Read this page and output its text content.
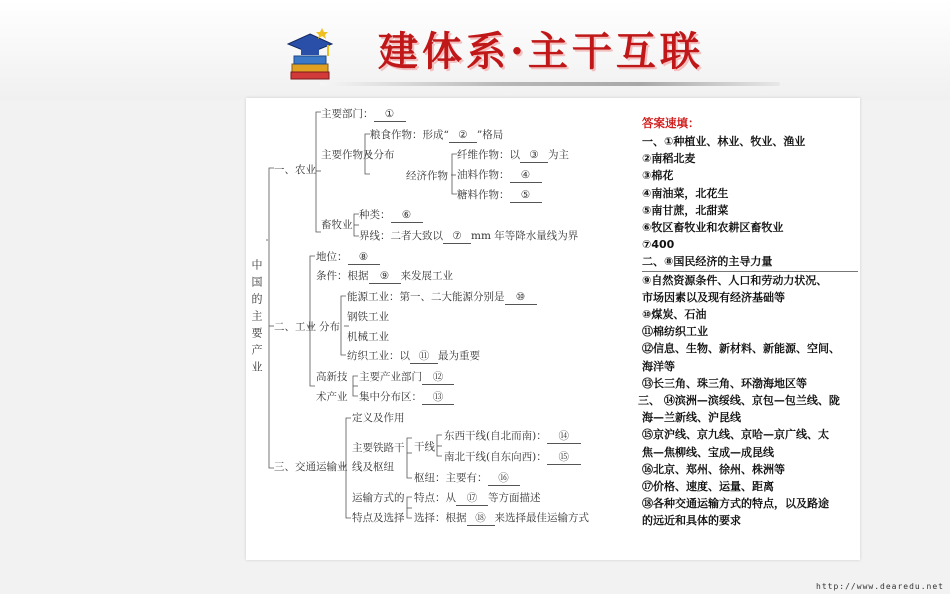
建体系·主干互联
中国的主要产业
一、农业
主要部门： ①
主要作物及分布
粮食作物：形成“ ② ”格局
经济作物
纤维作物：以 ③ 为主
油料作物： ④
糖料作物： ⑤
畜牧业
种类： ⑥
界线：二者大致以 ⑦ mm 年等降水量线为界
二、工业
地位： ⑧
条件：根据 ⑨ 来发展工业
分布
能源工业：第一、二大能源分别是 ⑩
钢铁工业
机械工业
纺织工业：以 ⑪ 最为重要
高新技
术产业
主要产业部门 ⑫
集中分布区： ⑬
三、交通运输业
定义及作用
主要铁路干
线及枢纽
干线
东西干线(自北而南)： ⑭
南北干线(自东向西)： ⑮
枢纽：主要有： ⑯
运输方式的
特点及选择
特点：从 ⑰ 等方面描述
选择：根据 ⑱ 来选择最佳运输方式
答案速填：
一、①种植业、林业、牧业、渔业
②南稻北麦
③棉花
④南油菜，北花生
⑤南甘蔗，北甜菜
⑥牧区畜牧业和农耕区畜牧业
⑦400
二、⑧国民经济的主导力量
⑨自然资源条件、人口和劳动力状况、
市场因素以及现有经济基础等
⑩煤炭、石油
⑪棉纺织工业
⑫信息、生物、新材料、新能源、空间、
海洋等
⑬长三角、珠三角、环渤海地区等
三、 ⑭滨洲—滨绥线、京包—包兰线、陇
海—兰新线、沪昆线
⑮京沪线、京九线、京哈—京广线、太
焦—焦柳线、宝成—成昆线
⑯北京、郑州、徐州、株洲等
⑰价格、速度、运量、距离
⑱各种交通运输方式的特点，以及路途
的远近和具体的要求
http://www.dearedu.net
